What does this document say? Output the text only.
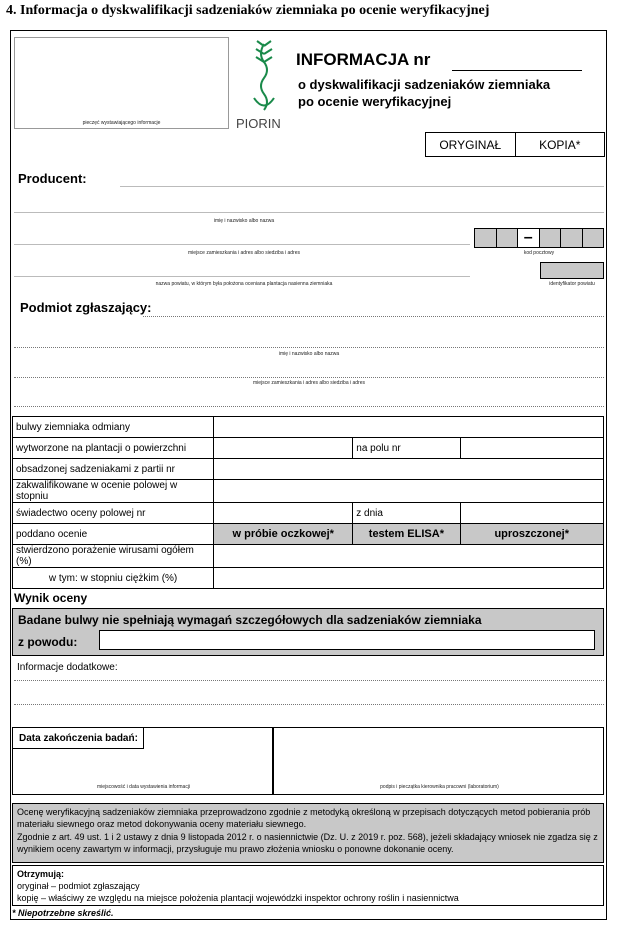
4. Informacja o dyskwalifikacji sadzeniaków ziemniaka po ocenie weryfikacyjnej
pieczęć wystawiającego informacje	PIORIN
INFORMACJA nr
o dyskwalifikacji sadzeniaków ziemniaka
po ocenie weryfikacyjnej
ORYGINAŁ	KOPIA*
Producent:
imię i nazwisko albo nazwa
miejsce zamieszkania i adres albo siedziba i adres
–
kod pocztowy
nazwa powiatu, w którym była położona oceniana plantacja nasienna ziemniaka	identyfikator powiatu
Podmiot zgłaszający:
imię i nazwisko albo nazwa
miejsce zamieszkania i adres albo siedziba i adres
bulwy ziemniaka odmiany			
wytworzone na plantacji o powierzchni		na polu nr	
obsadzonej sadzeniakami z partii nr			
zakwalifikowane w ocenie polowej w stopniu			
świadectwo oceny polowej nr		z dnia	
poddano ocenie	w próbie oczkowej*	testem ELISA*	uproszczonej*
stwierdzono porażenie wirusami ogółem (%)			
w tym: w stopniu ciężkim (%)			
Wynik oceny
Badane bulwy nie spełniają wymagań szczegółowych dla sadzeniaków ziemniaka
z powodu:
Informacje dodatkowe:
Data zakończenia badań:
miejscowość i data wystawienia informacji	podpis i pieczątka kierownika pracowni (laboratorium)
Ocenę weryfikacyjną sadzeniaków ziemniaka przeprowadzono zgodnie z metodyką określoną w przepisach dotyczących metod pobierania prób materiału siewnego oraz metod dokonywania oceny materiału siewnego.
Zgodnie z art. 49 ust. 1 i 2 ustawy z dnia 9 listopada 2012 r. o nasiennictwie (Dz. U. z 2019 r. poz. 568), jeżeli składający wniosek nie zgadza się z wynikiem oceny zawartym w informacji, przysługuje mu prawo złożenia wniosku o ponowne dokonanie oceny.
Otrzymują:
oryginał – podmiot zgłaszający
kopię – właściwy ze względu na miejsce położenia plantacji wojewódzki inspektor ochrony roślin i nasiennictwa
* Niepotrzebne skreślić.
